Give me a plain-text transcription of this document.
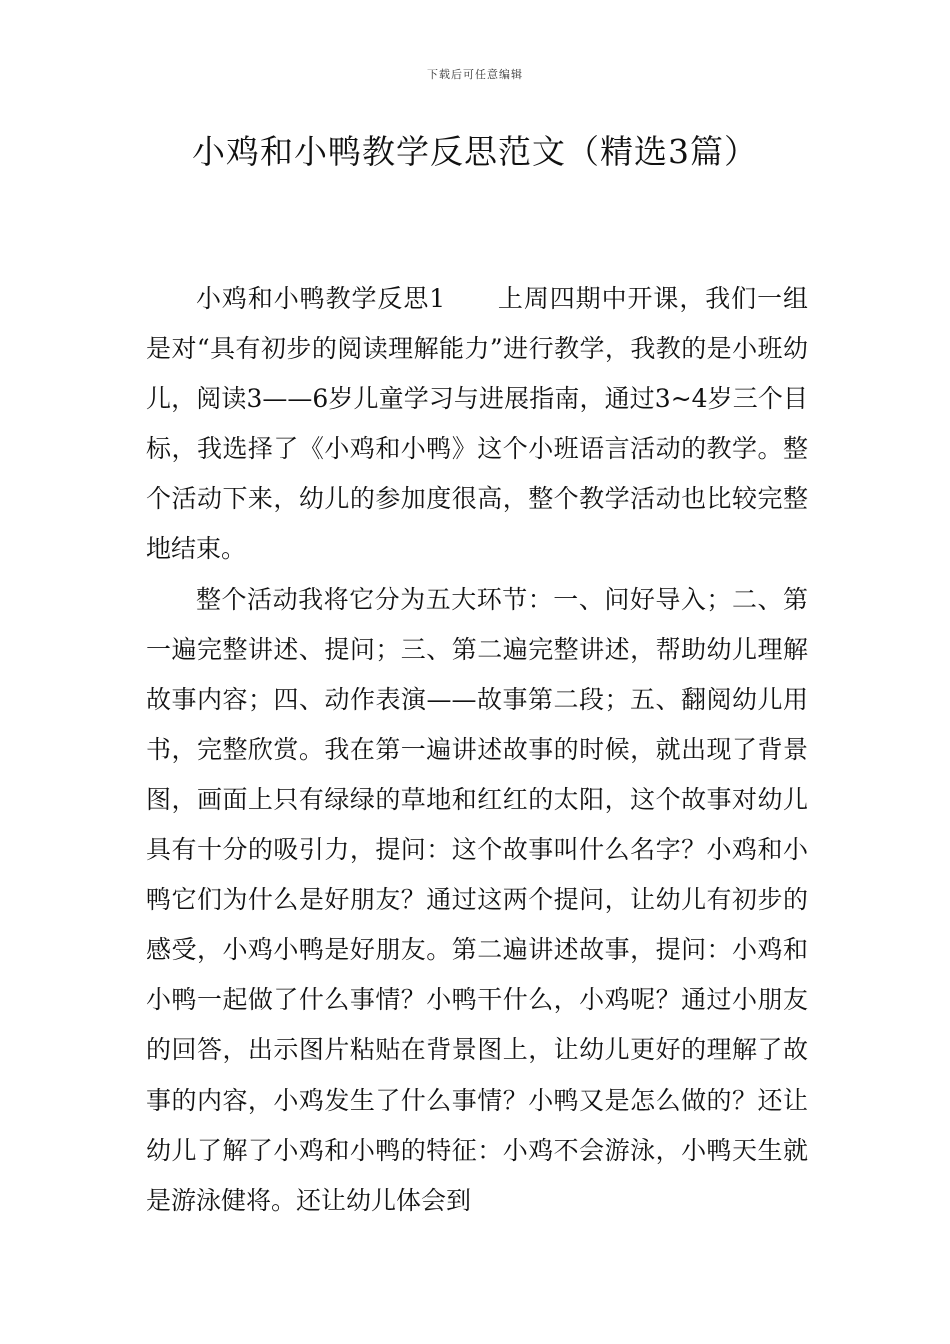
下载后可任意编辑
小鸡和小鸭教学反思范文（精选3篇）

小鸡和小鸭教学反思1　　上周四期中开课，我们一组是对“具有初步的阅读理解能力”进行教学，我教的是小班幼儿，阅读3——6岁儿童学习与进展指南，通过3~4岁三个目标，我选择了《小鸡和小鸭》这个小班语言活动的教学。整个活动下来，幼儿的参加度很高，整个教学活动也比较完整地结束。

整个活动我将它分为五大环节：一、问好导入；二、第一遍完整讲述、提问；三、第二遍完整讲述，帮助幼儿理解故事内容；四、动作表演——故事第二段；五、翻阅幼儿用书，完整欣赏。我在第一遍讲述故事的时候，就出现了背景图，画面上只有绿绿的草地和红红的太阳，这个故事对幼儿具有十分的吸引力，提问：这个故事叫什么名字？小鸡和小鸭它们为什么是好朋友？通过这两个提问，让幼儿有初步的感受，小鸡小鸭是好朋友。第二遍讲述故事，提问：小鸡和小鸭一起做了什么事情？小鸭干什么，小鸡呢？通过小朋友的回答，出示图片粘贴在背景图上，让幼儿更好的理解了故事的内容，小鸡发生了什么事情？小鸭又是怎么做的？还让幼儿了解了小鸡和小鸭的特征：小鸡不会游泳，小鸭天生就是游泳健将。还让幼儿体会到
